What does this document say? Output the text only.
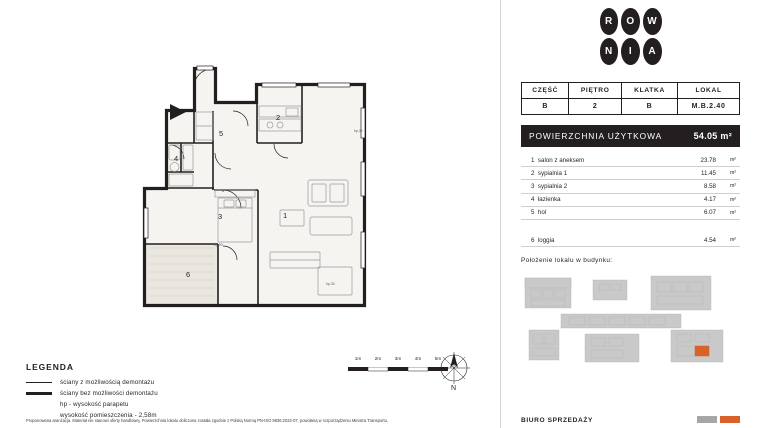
1
2
3
4
5
6
hp-90
hp-30
hp-30
LEGENDA
ściany z możliwością demontażu
ściany bez możliwości demontażu
hp - wysokość parapetu
wysokość pomieszczenia - 2,58m
1m	2m	3m	4m	5m
N
Proponowana aranżacja. Materiał nie stanowi oferty handlowej. Powierzchnia lokalu obliczona została zgodnie z Polską Normą PN-ISO 9836:2022-07, powołaną w rozporządzeniu Ministra Transportu,
R	O	W
N	I	A
CZĘŚĆ	PIĘTRO	KLATKA	LOKAL
B	2	B	M.B.2.40
POWIERZCHNIA UŻYTKOWA	54.05 m²
1 salon z aneksem	23.78	m²
2 sypialnia 1	11.45	m²
3 sypialnia 2	8.58	m²
4 łazienka	4.17	m²
5 hol	6.07	m²
6 loggia	4.54	m²
Położenie lokalu w budynku:
BIURO SPRZEDAŻY
